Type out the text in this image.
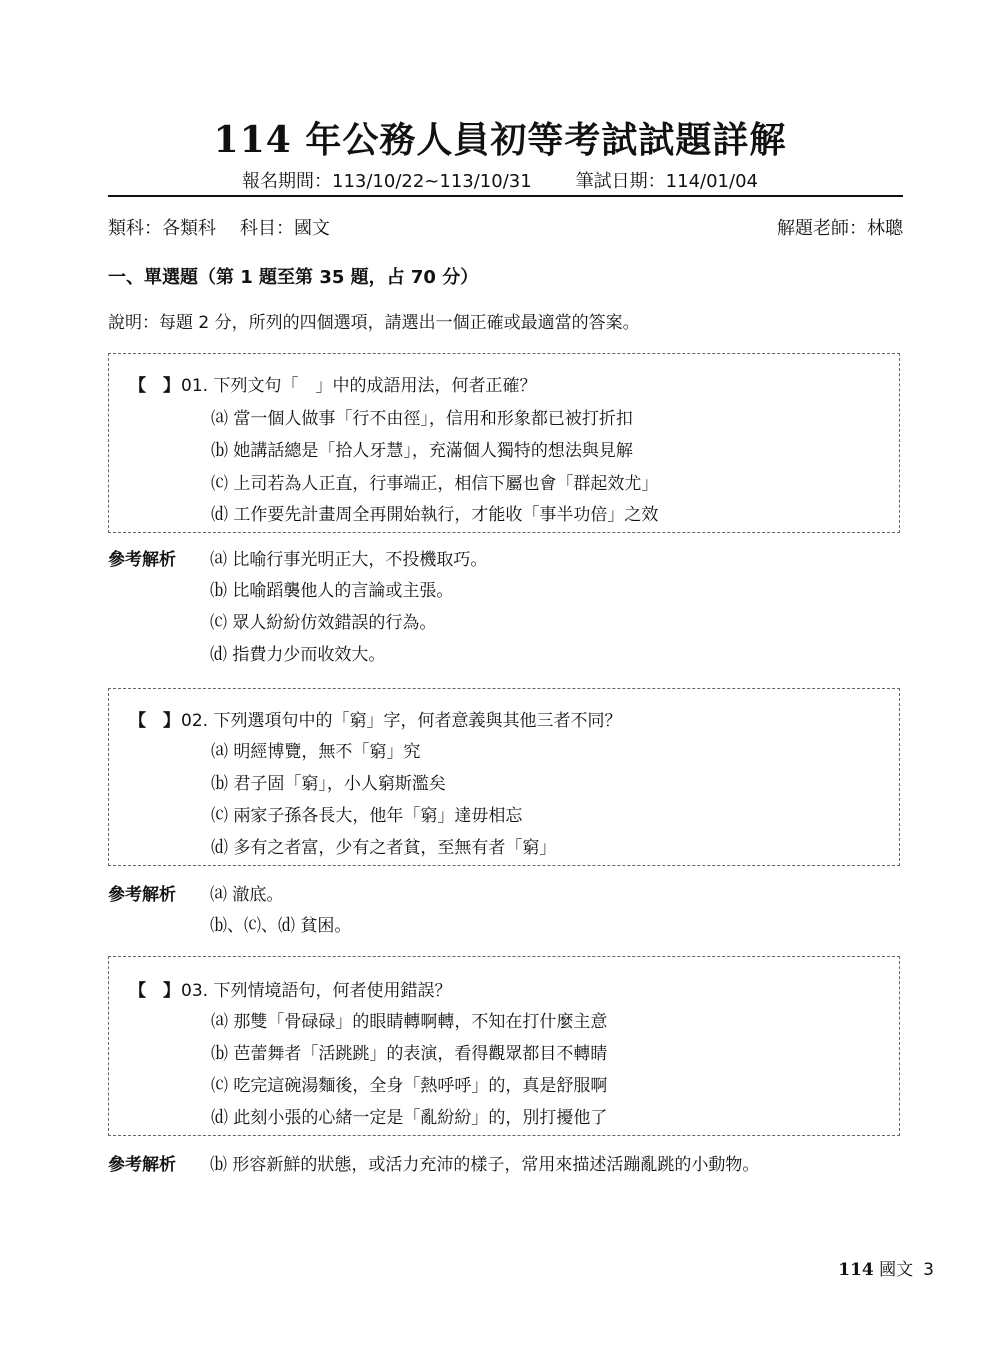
114 年公務人員初等考試試題詳解
報名期間：113/10/22~113/10/31 筆試日期：114/01/04
類科：各類科 科目：國文	解題老師：林聰
一、單選題（第 1 題至第 35 題，占 70 分）
說明：每題 2 分，所列的四個選項，請選出一個正確或最適當的答案。
【　】01. 下列文句「　」中的成語用法，何者正確？
⒜ 當一個人做事「行不由徑」，信用和形象都已被打折扣
⒝ 她講話總是「拾人牙慧」，充滿個人獨特的想法與見解
⒞ 上司若為人正直，行事端正，相信下屬也會「群起效尤」
⒟ 工作要先計畫周全再開始執行，才能收「事半功倍」之效
參考解析 ⒜ 比喻行事光明正大，不投機取巧。
⒝ 比喻蹈襲他人的言論或主張。
⒞ 眾人紛紛仿效錯誤的行為。
⒟ 指費力少而收效大。
【　】02. 下列選項句中的「窮」字，何者意義與其他三者不同？
⒜ 明經博覽，無不「窮」究
⒝ 君子固「窮」，小人窮斯濫矣
⒞ 兩家子孫各長大，他年「窮」達毋相忘
⒟ 多有之者富，少有之者貧，至無有者「窮」
參考解析 ⒜ 澈底。
⒝、⒞、⒟ 貧困。
【　】03. 下列情境語句，何者使用錯誤？
⒜ 那雙「骨碌碌」的眼睛轉啊轉，不知在打什麼主意
⒝ 芭蕾舞者「活跳跳」的表演，看得觀眾都目不轉睛
⒞ 吃完這碗湯麵後，全身「熱呼呼」的，真是舒服啊
⒟ 此刻小張的心緒一定是「亂紛紛」的，別打擾他了
參考解析 ⒝ 形容新鮮的狀態，或活力充沛的樣子，常用來描述活蹦亂跳的小動物。
114 國文 3
